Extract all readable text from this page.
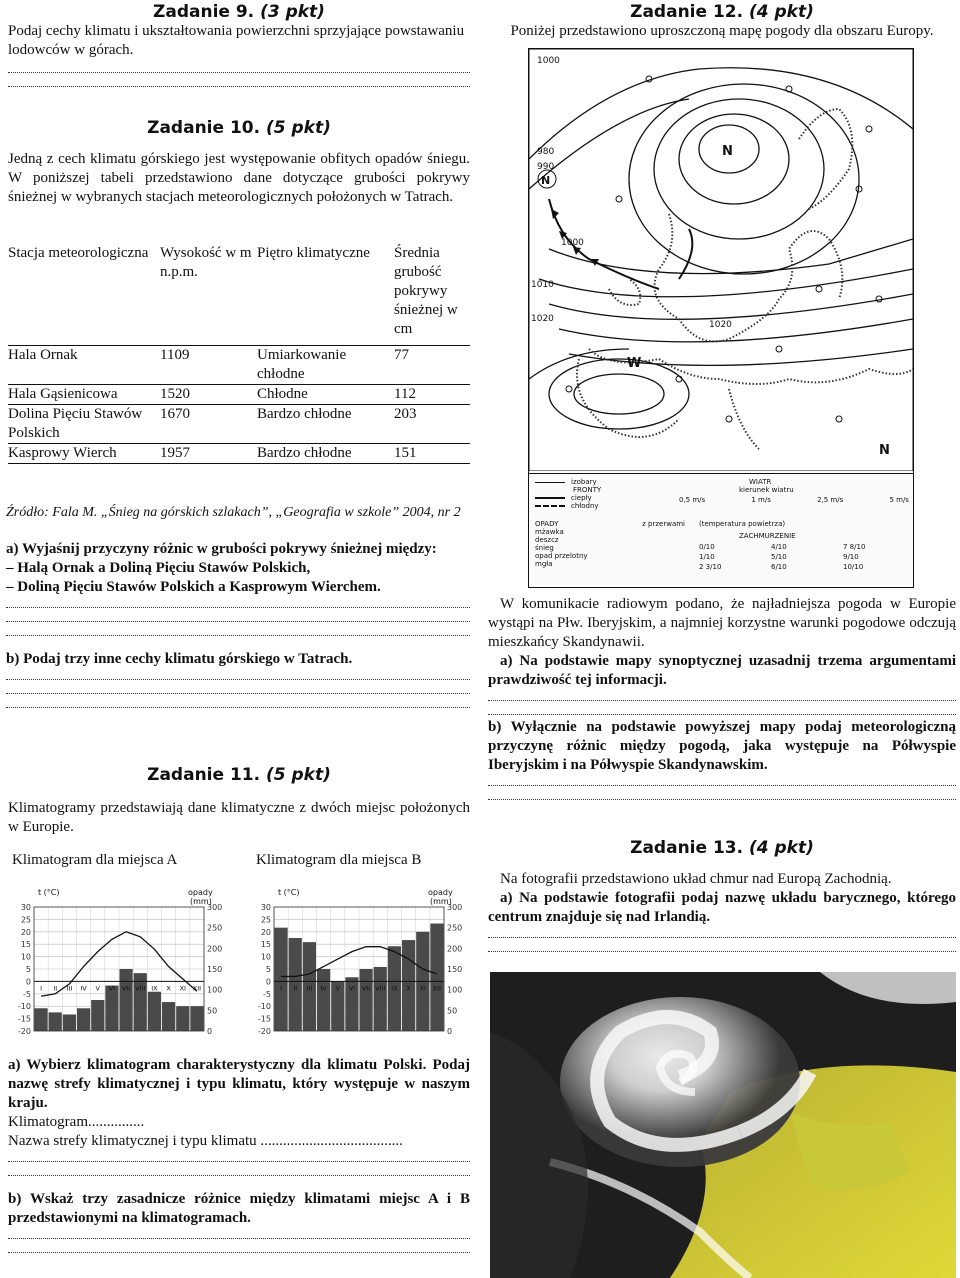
Zadanie 9. (3 pkt)

Podaj cechy klimatu i ukształtowania powierzchni sprzyjające powstawaniu lodowców w górach.

Zadanie 10. (5 pkt)

Jedną z cech klimatu górskiego jest występowanie obfitych opadów śniegu. W poniższej tabeli przedstawiono dane dotyczące grubości pokrywy śnieżnej w wybranych stacjach meteorologicznych położonych w Tatrach.

Stacja meteorologiczna	Wysokość w m n.p.m.	Piętro klimatyczne	Średnia grubość pokrywy śnieżnej w cm
Hala Ornak	1109	Umiarkowanie chłodne	77
Hala Gąsienicowa	1520	Chłodne	112
Dolina Pięciu Stawów Polskich	1670	Bardzo chłodne	203
Kasprowy Wierch	1957	Bardzo chłodne	151

Źródło: Fala M. „Śnieg na górskich szlakach”, „Geografia w szkole” 2004, nr 2

a) Wyjaśnij przyczyny różnic w grubości pokrywy śnieżnej między:

– Halą Ornak a Doliną Pięciu Stawów Polskich,

– Doliną Pięciu Stawów Polskich a Kasprowym Wierchem.

b) Podaj trzy inne cechy klimatu górskiego w Tatrach.

Zadanie 11. (5 pkt)

Klimatogramy przedstawiają dane klimatyczne z dwóch miejsc położonych w Europie.

Klimatogram dla miejsca A	Klimatogram dla miejsca B
30
25
20
15
10
5
0
-5
-10
-15
-20
I II III IV V VI VII VIII IX X XI XII
300
250
200
150
100
50
0
t (°C)	opady
(mm)
30
25
20
15
10
5
0
-5
-10
-15
-20
I II III IV V VI VII VIII IX X XI XII
300
250
200
150
100
50
0
t (°C)	opady
(mm)

a) Wybierz klimatogram charakterystyczny dla klimatu Polski. Podaj nazwę strefy klimatycznej i typu klimatu, który występuje w naszym kraju.

Klimatogram...............

Nazwa strefy klimatycznej i typu klimatu ......................................

b) Wskaż trzy zasadnicze różnice między klimatami miejsc A i B przedstawionymi na klimatogramach.

Zadanie 12. (4 pkt)

Poniżej przedstawiono uproszczoną mapę pogody dla obszaru Europy.

1000
990
980
1000
1010
1020
1020
N
N
W
N
izobary
FRONTY
ciepły
chłodny
WIATR
kierunek wiatru
0,5 m/s	1 m/s	2,5 m/s	5 m/s
OPADY	z przerwami
mżawka
deszcz
śnieg
opad przelotny
mgła
(temperatura powietrza)
ZACHMURZENIE
0/10	4/10	7 8/10
1/10	5/10	9/10
2 3/10	6/10	10/10

W komunikacie radiowym podano, że najładniejsza pogoda w Europie wystąpi na Płw. Iberyjskim, a najmniej korzystne warunki pogodowe odczują mieszkańcy Skandynawii.

a) Na podstawie mapy synoptycznej uzasadnij trzema argumentami prawdziwość tej informacji.

b) Wyłącznie na podstawie powyższej mapy podaj meteorologiczną przyczynę różnic między pogodą, jaka występuje na Półwyspie Iberyjskim i na Półwyspie Skandynawskim.

Zadanie 13. (4 pkt)

Na fotografii przedstawiono układ chmur nad Europą Zachodnią.

a) Na podstawie fotografii podaj nazwę układu barycznego, którego centrum znajduje się nad Irlandią.
